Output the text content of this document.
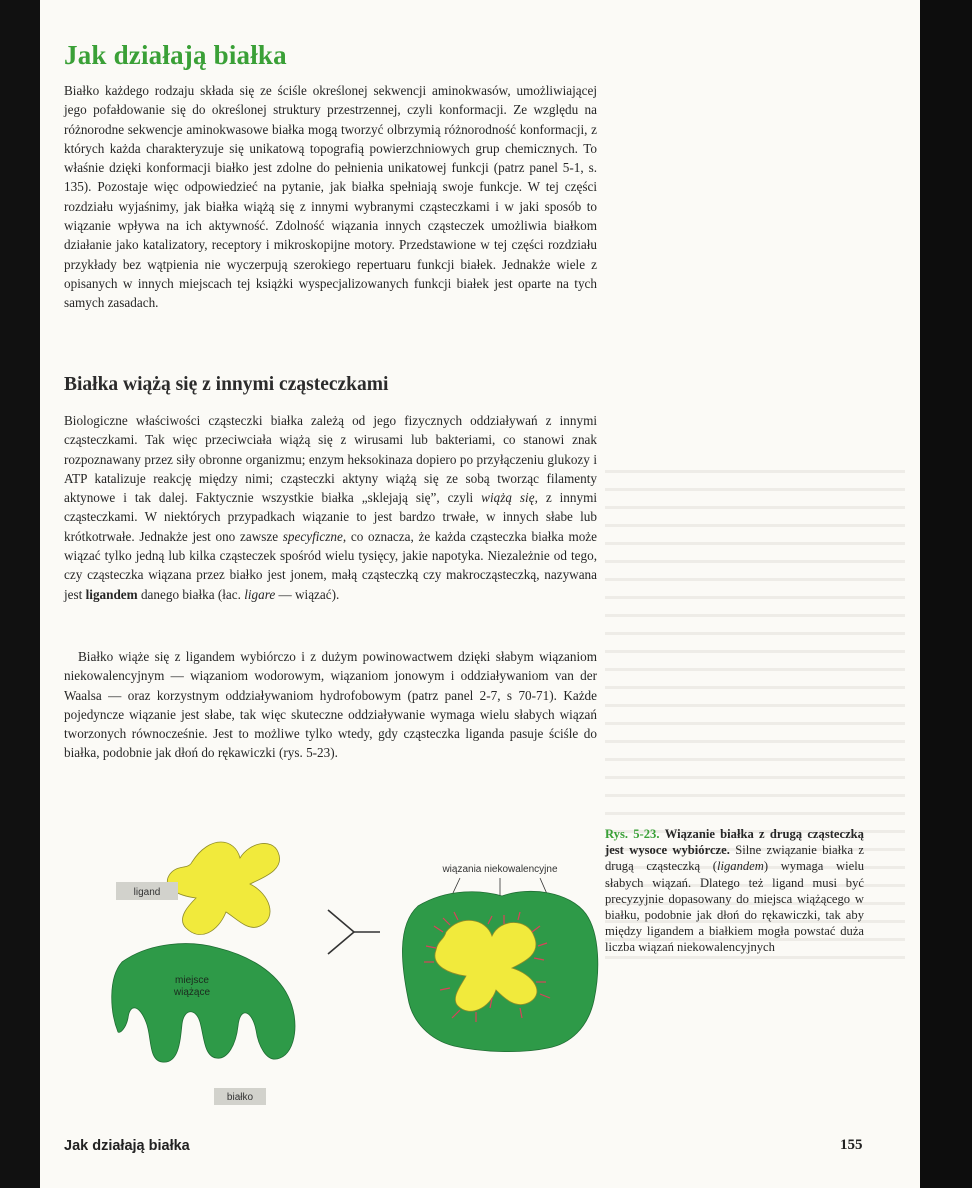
Jak działają białka

Białko każdego rodzaju składa się ze ściśle określonej sekwencji aminokwasów, umożliwiającej jego pofałdowanie się do określonej struktury przestrzennej, czyli konformacji. Ze względu na różnorodne sekwencje aminokwasowe białka mogą tworzyć olbrzymią różnorodność konformacji, z których każda charakteryzuje się unikatową topografią powierzchniowych grup chemicznych. To właśnie dzięki konformacji białko jest zdolne do pełnienia unikatowej funkcji (patrz panel 5-1, s. 135). Pozostaje więc odpowiedzieć na pytanie, jak białka spełniają swoje funkcje. W tej części rozdziału wyjaśnimy, jak białka wiążą się z innymi wybranymi cząsteczkami i w jaki sposób to wiązanie wpływa na ich aktywność. Zdolność wiązania innych cząsteczek umożliwia białkom działanie jako katalizatory, receptory i mikroskopijne motory. Przedstawione w tej części rozdziału przykłady bez wątpienia nie wyczerpują szerokiego repertuaru funkcji białek. Jednakże wiele z opisanych w innych miejscach tej książki wyspecjalizowanych funkcji białek jest oparte na tych samych zasadach.

Białka wiążą się z innymi cząsteczkami

Biologiczne właściwości cząsteczki białka zależą od jego fizycznych oddziaływań z innymi cząsteczkami. Tak więc przeciwciała wiążą się z wirusami lub bakteriami, co stanowi znak rozpoznawany przez siły obronne organizmu; enzym heksokinaza dopiero po przyłączeniu glukozy i ATP katalizuje reakcję między nimi; cząsteczki aktyny wiążą się ze sobą tworząc filamenty aktynowe i tak dalej. Faktycznie wszystkie białka „sklejają się”, czyli wiążą się, z innymi cząsteczkami. W niektórych przypadkach wiązanie to jest bardzo trwałe, w innych słabe lub krótkotrwałe. Jednakże jest ono zawsze specyficzne, co oznacza, że każda cząsteczka białka może wiązać tylko jedną lub kilka cząsteczek spośród wielu tysięcy, jakie napotyka. Niezależnie od tego, czy cząsteczka wiązana przez białko jest jonem, małą cząsteczką czy makrocząsteczką, nazywana jest ligandem danego białka (łac. ligare — wiązać).

Białko wiąże się z ligandem wybiórczo i z dużym powinowactwem dzięki słabym wiązaniom niekowalencyjnym — wiązaniom wodorowym, wiązaniom jonowym i oddziaływaniom van der Waalsa — oraz korzystnym oddziaływaniom hydrofobowym (patrz panel 2-7, s 70-71). Każde pojedyncze wiązanie jest słabe, tak więc skuteczne oddziaływanie wymaga wielu słabych wiązań tworzonych równocześnie. Jest to możliwe tylko wtedy, gdy cząsteczka liganda pasuje ściśle do białka, podobnie jak dłoń do rękawiczki (rys. 5-23).

ligand
miejsce
wiążące
białko
wiązania niekowalencyjne

Rys. 5-23. Wiązanie białka z drugą cząsteczką jest wysoce wybiórcze. Silne związanie białka z drugą cząsteczką (ligandem) wymaga wielu słabych wiązań. Dlatego też ligand musi być precyzyjnie dopasowany do miejsca wiążącego w białku, podobnie jak dłoń do rękawiczki, tak aby między ligandem a białkiem mogła powstać duża liczba wiązań niekowalencyjnych

Jak działają białka	155
